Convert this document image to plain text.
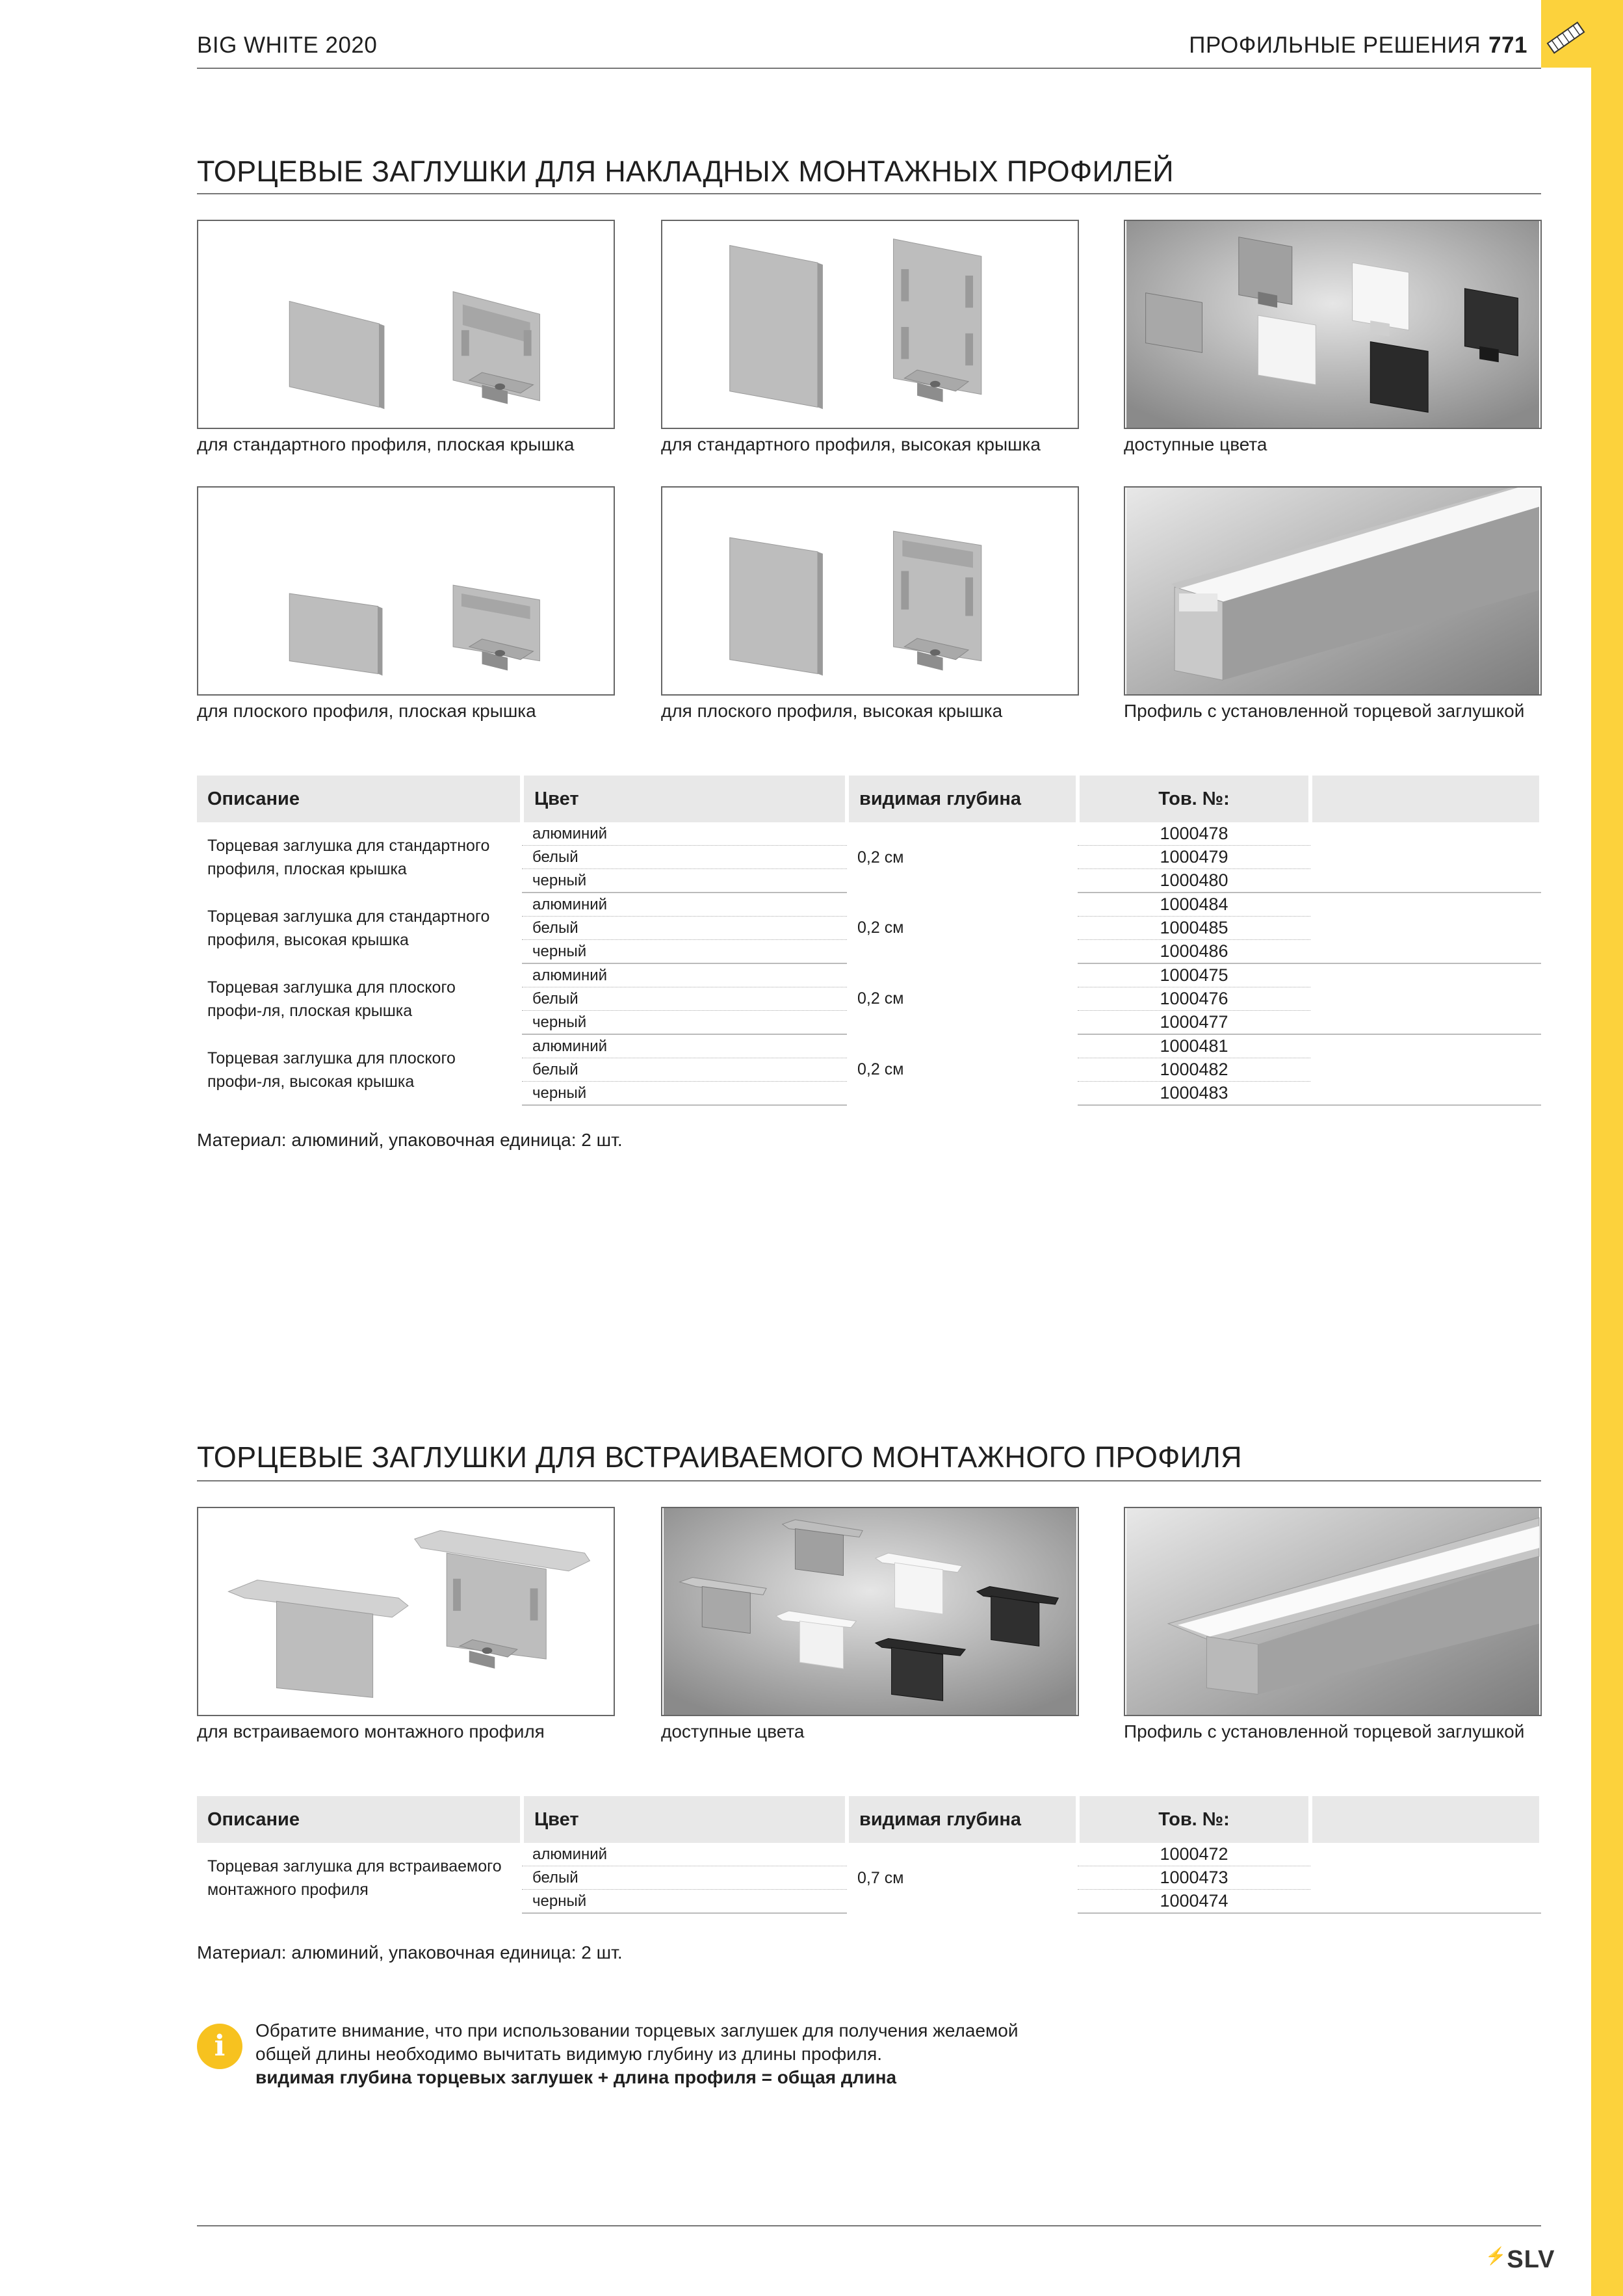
BIG WHITE 2020	ПРОФИЛЬНЫЕ РЕШЕНИЯ 771
ТОРЦЕВЫЕ ЗАГЛУШКИ ДЛЯ НАКЛАДНЫХ МОНТАЖНЫХ ПРОФИЛЕЙ
для стандартного профиля, плоская крышка	для стандартного профиля, высокая крышка	доступные цвета
для плоского профиля, плоская крышка	для плоского профиля, высокая крышка	Профиль с установленной торцевой заглушкой
Описание	Цвет	видимая глубина	Тов. №:	
Торцевая заглушка для стандартного профиля, плоская крышка	алюминий	0,2 см	1000478	
	белый		1000479	
	черный		1000480	
Торцевая заглушка для стандартного профиля, высокая крышка	алюминий	0,2 см	1000484	
	белый		1000485	
	черный		1000486	
Торцевая заглушка для плоского профи-ля, плоская крышка	алюминий	0,2 см	1000475	
	белый		1000476	
	черный		1000477	
Торцевая заглушка для плоского профи-ля, высокая крышка	алюминий	0,2 см	1000481	
	белый		1000482	
	черный		1000483	
Материал: алюминий, упаковочная единица: 2 шт.
ТОРЦЕВЫЕ ЗАГЛУШКИ ДЛЯ ВСТРАИВАЕМОГО МОНТАЖНОГО ПРОФИЛЯ
для встраиваемого монтажного профиля	доступные цвета	Профиль с установленной торцевой заглушкой
Описание	Цвет	видимая глубина	Тов. №:	
Торцевая заглушка для встраиваемого монтажного профиля	алюминий	0,7 см	1000472	
	белый		1000473	
	черный		1000474	
Материал: алюминий, упаковочная единица: 2 шт.
i	Обратите внимание, что при использовании торцевых заглушек для получения желаемой
общей длины необходимо вычитать видимую глубину из длины профиля.
видимая глубина торцевых заглушек + длина профиля = общая длина
⚡SLV
